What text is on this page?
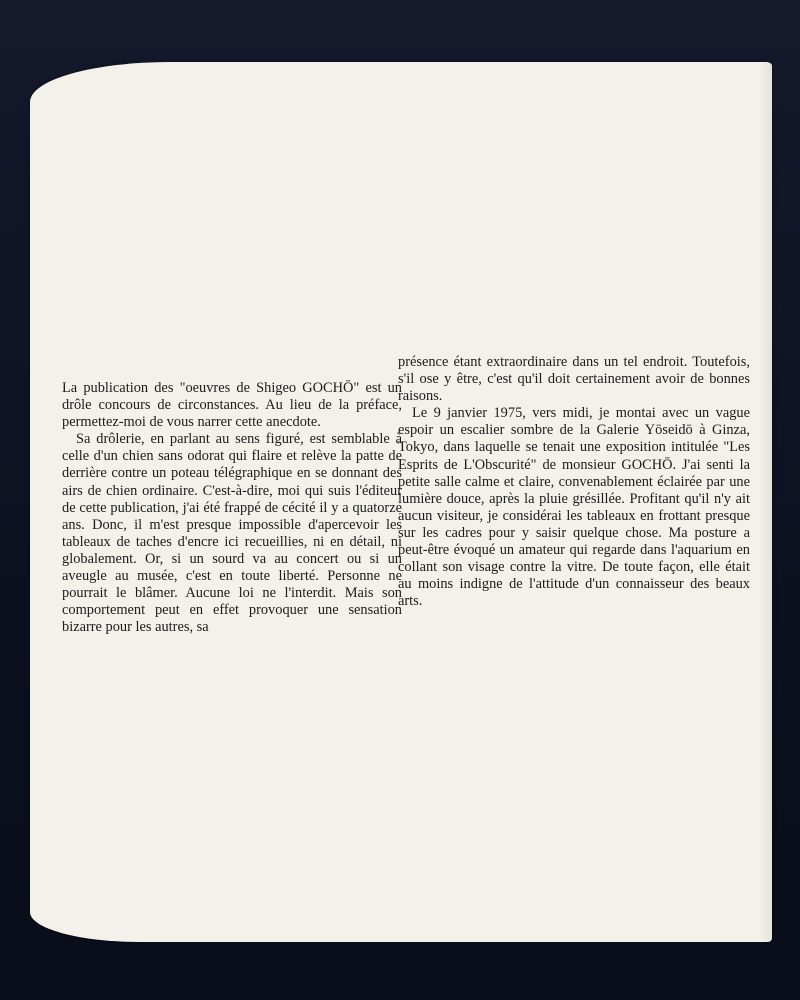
La publication des "oeuvres de Shigeo GOCHŌ" est un drôle concours de circonstances. Au lieu de la préface, permettez-moi de vous narrer cette anecdote.

Sa drôlerie, en parlant au sens figuré, est semblable à celle d'un chien sans odorat qui flaire et relève la patte de derrière contre un poteau télégraphique en se donnant des airs de chien ordinaire. C'est-à-dire, moi qui suis l'éditeur de cette publication, j'ai été frappé de cécité il y a quatorze ans. Donc, il m'est presque impossible d'apercevoir les tableaux de taches d'encre ici recueillies, ni en détail, ni globalement. Or, si un sourd va au concert ou si un aveugle au musée, c'est en toute liberté. Personne ne pourrait le blâmer. Aucune loi ne l'interdit. Mais son comportement peut en effet provoquer une sensation bizarre pour les autres, sa

présence étant extraordinaire dans un tel endroit. Toutefois, s'il ose y être, c'est qu'il doit certainement avoir de bonnes raisons.

Le 9 janvier 1975, vers midi, je montai avec un vague espoir un escalier sombre de la Galerie Yōseidō à Ginza, Tokyo, dans laquelle se tenait une exposition intitulée "Les Esprits de L'Obscurité" de monsieur GOCHŌ. J'ai senti la petite salle calme et claire, convenablement éclairée par une lumière douce, après la pluie grésillée. Profitant qu'il n'y ait aucun visiteur, je considérai les tableaux en frottant presque sur les cadres pour y saisir quelque chose. Ma posture a peut-être évoqué un amateur qui regarde dans l'aquarium en collant son visage contre la vitre. De toute façon, elle était au moins indigne de l'attitude d'un connaisseur des beaux arts.
